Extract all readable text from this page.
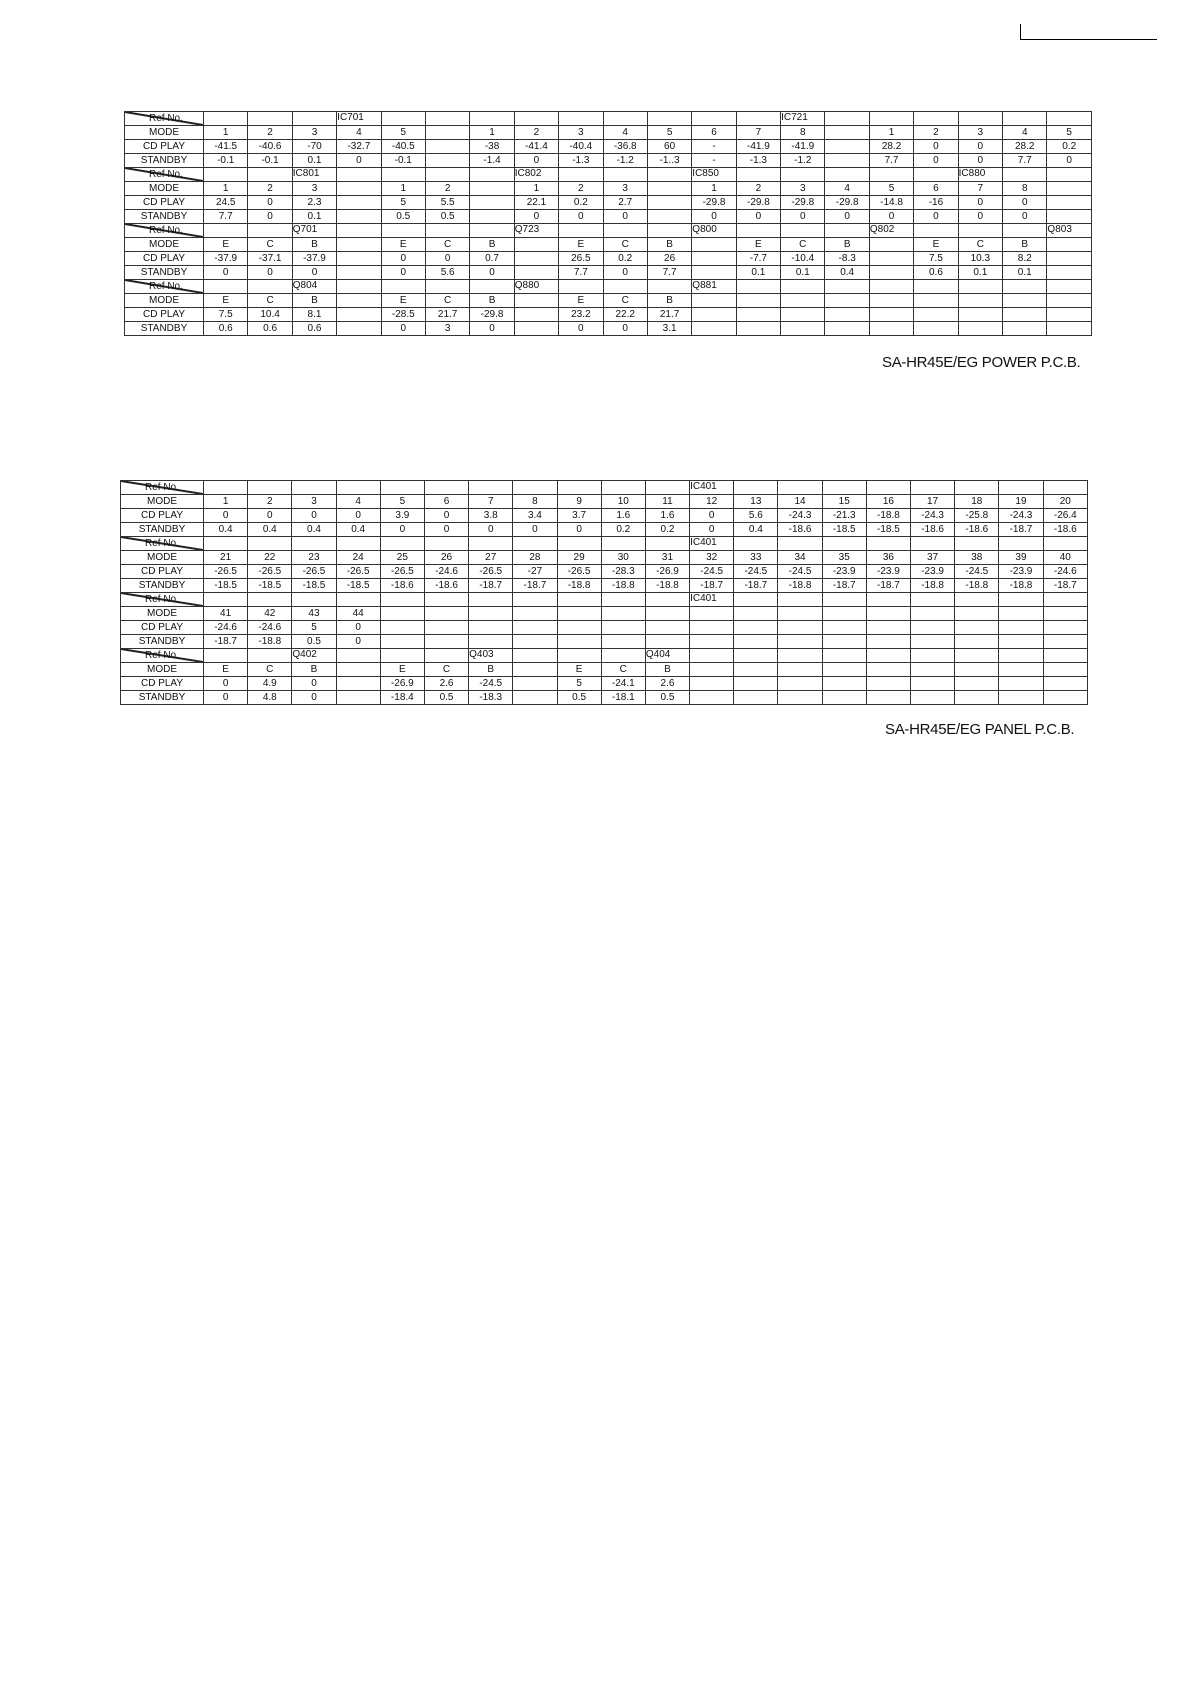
Ref No.				IC701										IC721						

MODE	1	2	3	4	5		1	2	3	4	5	6	7	8		1	2	3	4	5
CD PLAY	-41.5	-40.6	-70	-32.7	-40.5		-38	-41.4	-40.4	-36.8	60	-	-41.9	-41.9		28.2	0	0	28.2	0.2
STANDBY	-0.1	-0.1	0.1	0	-0.1		-1.4	0	-1.3	-1.2	-1..3	-	-1.3	-1.2		7.7	0	0	7.7	0

Ref No.			IC801					IC802				IC850						IC880		

MODE	1	2	3		1	2		1	2	3		1	2	3	4	5	6	7	8	
CD PLAY	24.5	0	2.3		5	5.5		22.1	0.2	2.7		-29.8	-29.8	-29.8	-29.8	-14.8	-16	0	0	
STANDBY	7.7	0	0.1		0.5	0.5		0	0	0		0	0	0	0	0	0	0	0	

Ref No.			Q701					Q723				Q800				Q802				Q803

MODE	E	C	B		E	C	B		E	C	B		E	C	B		E	C	B	
CD PLAY	-37.9	-37.1	-37.9		0	0	0.7		26.5	0.2	26		-7.7	-10.4	-8.3		7.5	10.3	8.2	
STANDBY	0	0	0		0	5.6	0		7.7	0	7.7		0.1	0.1	0.4		0.6	0.1	0.1	

Ref No.			Q804					Q880				Q881								

MODE	E	C	B		E	C	B		E	C	B									
CD PLAY	7.5	10.4	8.1		-28.5	21.7	-29.8		23.2	22.2	21.7									
STANDBY	0.6	0.6	0.6		0	3	0		0	0	3.1									
SA-HR45E/EG POWER P.C.B.
Ref No.												IC401								

MODE	1	2	3	4	5	6	7	8	9	10	11	12	13	14	15	16	17	18	19	20
CD PLAY	0	0	0	0	3.9	0	3.8	3.4	3.7	1.6	1.6	0	5.6	-24.3	-21.3	-18.8	-24.3	-25.8	-24.3	-26.4
STANDBY	0.4	0.4	0.4	0.4	0	0	0	0	0	0.2	0.2	0	0.4	-18.6	-18.5	-18.5	-18.6	-18.6	-18.7	-18.6

Ref No.												IC401								

MODE	21	22	23	24	25	26	27	28	29	30	31	32	33	34	35	36	37	38	39	40
CD PLAY	-26.5	-26.5	-26.5	-26.5	-26.5	-24.6	-26.5	-27	-26.5	-28.3	-26.9	-24.5	-24.5	-24.5	-23.9	-23.9	-23.9	-24.5	-23.9	-24.6
STANDBY	-18.5	-18.5	-18.5	-18.5	-18.6	-18.6	-18.7	-18.7	-18.8	-18.8	-18.8	-18.7	-18.7	-18.8	-18.7	-18.7	-18.8	-18.8	-18.8	-18.7

Ref No.												IC401								

MODE	41	42	43	44																
CD PLAY	-24.6	-24.6	5	0																
STANDBY	-18.7	-18.8	0.5	0																

Ref No.			Q402				Q403				Q404									

MODE	E	C	B		E	C	B		E	C	B									
CD PLAY	0	4.9	0		-26.9	2.6	-24.5		5	-24.1	2.6									
STANDBY	0	4.8	0		-18.4	0.5	-18.3		0.5	-18.1	0.5									
SA-HR45E/EG PANEL P.C.B.
